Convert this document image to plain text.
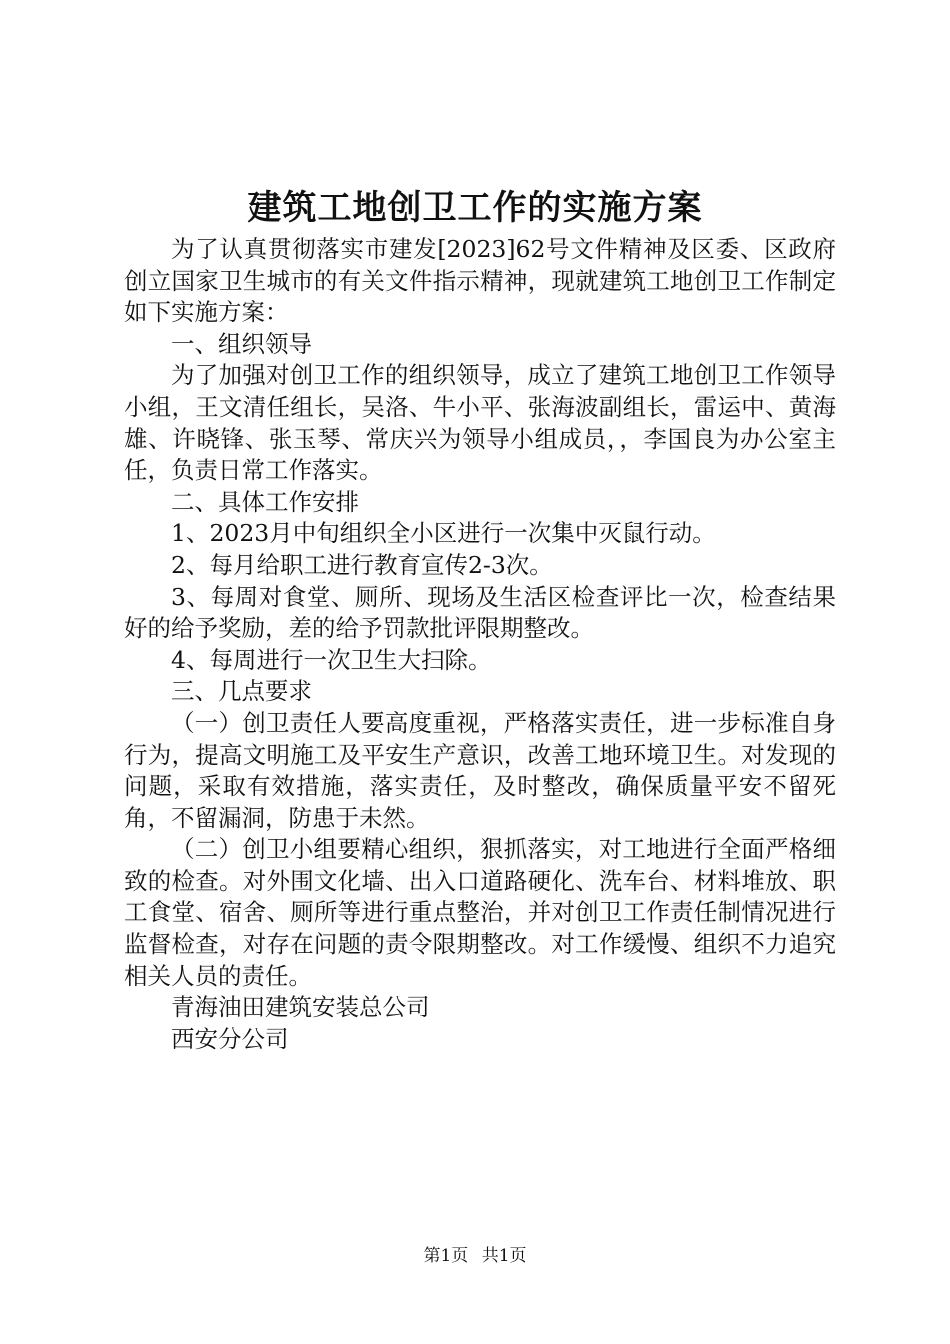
建筑工地创卫工作的实施方案

为了认真贯彻落实市建发[2023]62号文件精神及区委、区政府创立国家卫生城市的有关文件指示精神，现就建筑工地创卫工作制定如下实施方案：

一、组织领导

为了加强对创卫工作的组织领导，成立了建筑工地创卫工作领导小组，王文清任组长，吴洛、牛小平、张海波副组长，雷运中、黄海雄、许晓锋、张玉琴、常庆兴为领导小组成员，，李国良为办公室主任，负责日常工作落实。

二、具体工作安排

1、2023月中旬组织全小区进行一次集中灭鼠行动。

2、每月给职工进行教育宣传2-3次。

3、每周对食堂、厕所、现场及生活区检查评比一次，检查结果好的给予奖励，差的给予罚款批评限期整改。

4、每周进行一次卫生大扫除。

三、几点要求

（一）创卫责任人要高度重视，严格落实责任，进一步标准自身行为，提高文明施工及平安生产意识，改善工地环境卫生。对发现的问题，采取有效措施，落实责任，及时整改，确保质量平安不留死角，不留漏洞，防患于未然。

（二）创卫小组要精心组织，狠抓落实，对工地进行全面严格细致的检查。对外围文化墙、出入口道路硬化、洗车台、材料堆放、职工食堂、宿舍、厕所等进行重点整治，并对创卫工作责任制情况进行监督检查，对存在问题的责令限期整改。对工作缓慢、组织不力追究相关人员的责任。

青海油田建筑安装总公司

西安分公司

第1页 共1页
